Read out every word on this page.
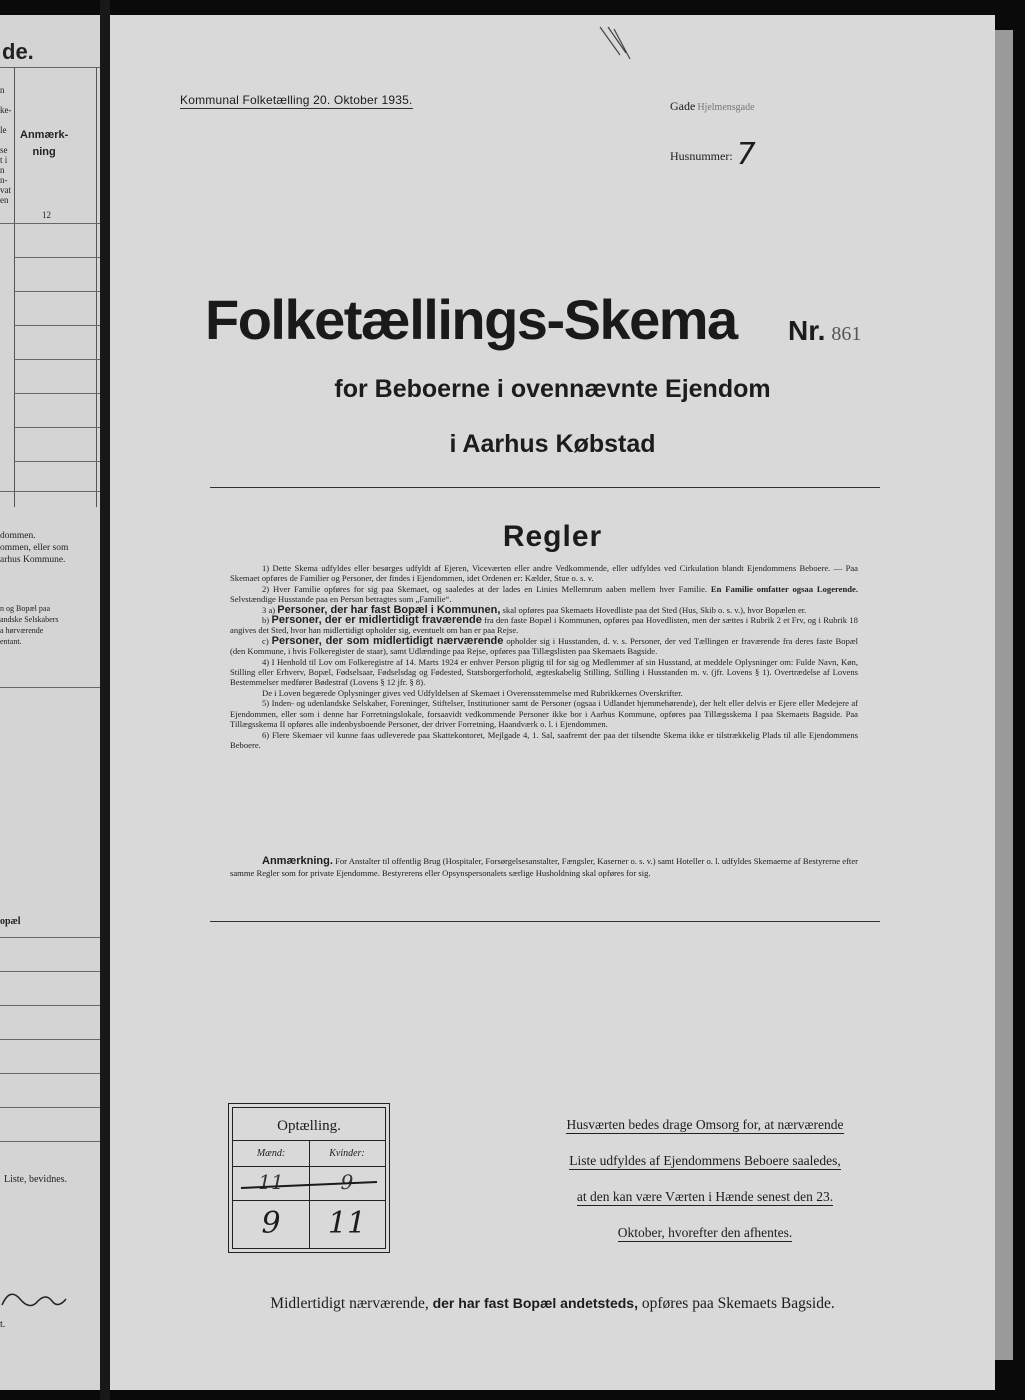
de.
n

ke-

le

se
t i
n
n-
vat
en
Anmærk-
ning
12
dommen.
ommen, eller som
arhus Kommune.
n og Bopæl paa
andske Selskabers
a hørværende
entant.
opæl
Liste, bevidnes.
t.
Kommunal Folketælling 20. Oktober 1935.	Gade Hjelmensgade
Husnummer: 7
Folketællings-Skema Nr. 861
for Beboerne i ovennævnte Ejendom
i Aarhus Købstad
Regler

1) Dette Skema udfyldes eller besørges udfyldt af Ejeren, Viceværten eller andre Vedkommende, eller udfyldes ved Cirkulation blandt Ejendommens Beboere. — Paa Skemaet opføres de Familier og Personer, der findes i Ejendommen, idet Ordenen er: Kælder, Stue o. s. v.

2) Hver Familie opføres for sig paa Skemaet, og saaledes at der lades en Linies Mellemrum aaben mellem hver Familie. En Familie omfatter ogsaa Logerende. Selvstændige Husstande paa en Person betragtes som „Familie“.

3 a) Personer, der har fast Bopæl i Kommunen, skal opføres paa Skemaets Hovedliste paa det Sted (Hus, Skib o. s. v.), hvor Bopælen er.

b) Personer, der er midlertidigt fraværende fra den faste Bopæl i Kommunen, opføres paa Hovedlisten, men der sættes i Rubrik 2 et Frv, og i Rubrik 18 angives det Sted, hvor han midlertidigt opholder sig, eventuelt om han er paa Rejse.

c) Personer, der som midlertidigt nærværende opholder sig i Husstanden, d. v. s. Personer, der ved Tællingen er fraværende fra deres faste Bopæl (den Kommune, i hvis Folkeregister de staar), samt Udlændinge paa Rejse, opføres paa Tillægslisten paa Skemaets Bagside.

4) I Henhold til Lov om Folkeregistre af 14. Marts 1924 er enhver Person pligtig til for sig og Medlemmer af sin Husstand, at meddele Oplysninger om: Fulde Navn, Køn, Stilling eller Erhverv, Bopæl, Fødselsaar, Fødselsdag og Fødested, Statsborgerforhold, ægteskabelig Stilling, Stilling i Husstanden m. v. (jfr. Lovens § 1). Overtrædelse af Lovens Bestemmelser medfører Bødestraf (Lovens § 12 jfr. § 8).

De i Loven begærede Oplysninger gives ved Udfyldelsen af Skemaet i Overensstemmelse med Rubrikkernes Overskrifter.

5) Inden- og udenlandske Selskaber, Foreninger, Stiftelser, Institutioner samt de Personer (ogsaa i Udlandet hjemmehørende), der helt eller delvis er Ejere eller Medejere af Ejendommen, eller som i denne har Forretningslokale, forsaavidt vedkommende Personer ikke bor i Aarhus Kommune, opføres paa Tillægsskema I paa Skemaets Bagside. Paa Tillægsskema II opføres alle indenbysboende Personer, der driver Forretning, Haandværk o. l. i Ejendommen.

6) Flere Skemaer vil kunne faas udleverede paa Skattekontoret, Mejlgade 4, 1. Sal, saafremt der paa det tilsendte Skema ikke er tilstrækkelig Plads til alle Ejendommens Beboere.

Anmærkning. For Anstalter til offentlig Brug (Hospitaler, Forsørgelsesanstalter, Fængsler, Kaserner o. s. v.) samt Hoteller o. l. udfyldes Skemaerne af Bestyrerne efter samme Regler som for private Ejendomme. Bestyrerens eller Opsynspersonalets særlige Husholdning skal opføres for sig.

Optælling.
Mænd:	Kvinder:
11	9
9	11
Husværten bedes drage Omsorg for, at nærværende
Liste udfyldes af Ejendommens Beboere saaledes,
at den kan være Værten i Hænde senest den 23.
Oktober, hvorefter den afhentes.
Midlertidigt nærværende, der har fast Bopæl andetsteds, opføres paa Skemaets Bagside.
